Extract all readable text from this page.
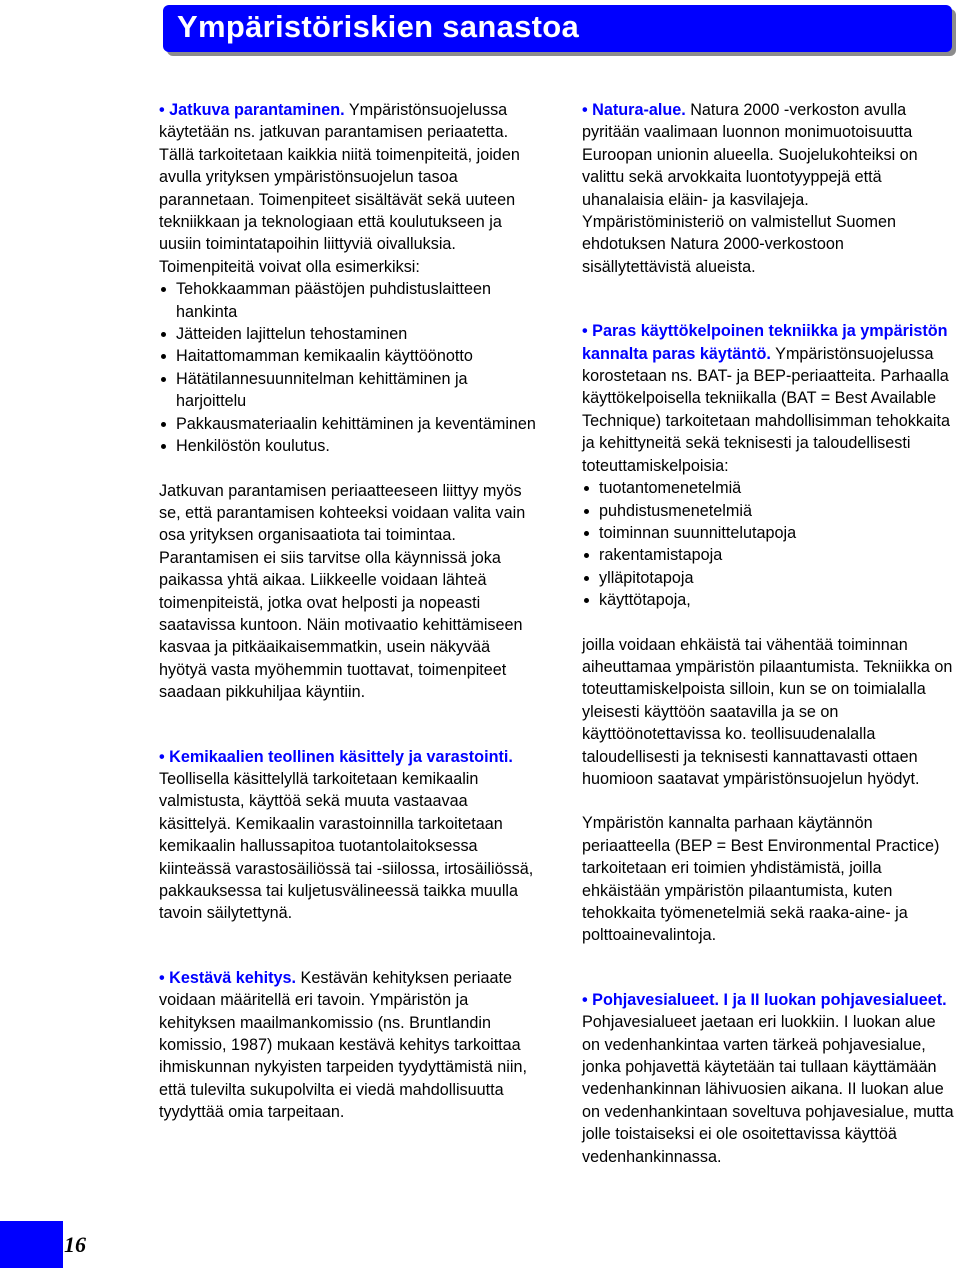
Ympäristöriskien sanastoa

• Jatkuva parantaminen. Ympäristönsuojelussa käytetään ns. jatkuvan parantamisen periaatetta. Tällä tarkoitetaan kaikkia niitä toimenpiteitä, joiden avulla yrityksen ympäristönsuojelun tasoa parannetaan. Toimenpiteet sisältävät sekä uuteen tekniikkaan ja teknologiaan että koulutukseen ja uusiin toimintatapoihin liittyviä oivalluksia. Toimenpiteitä voivat olla esimerkiksi:

Tehokkaamman päästöjen puhdistuslaitteen hankinta
Jätteiden lajittelun tehostaminen
Haitattomamman kemikaalin käyttöönotto
Hätätilannesuunnitelman kehittäminen ja harjoittelu
Pakkausmateriaalin kehittäminen ja keventäminen
Henkilöstön koulutus.

Jatkuvan parantamisen periaatteeseen liittyy myös se, että parantamisen kohteeksi voidaan valita vain osa yrityksen organisaatiota tai toimintaa. Parantamisen ei siis tarvitse olla käynnissä joka paikassa yhtä aikaa. Liikkeelle voidaan lähteä toimenpiteistä, jotka ovat helposti ja nopeasti saatavissa kuntoon. Näin motivaatio kehittämiseen kasvaa ja pitkäaikaisemmatkin, usein näkyvää hyötyä vasta myöhemmin tuottavat, toimenpiteet saadaan pikkuhiljaa käyntiin.

• Kemikaalien teollinen käsittely ja varastointi. Teollisella käsittelyllä tarkoitetaan kemikaalin valmistusta, käyttöä sekä muuta vastaavaa käsittelyä. Kemikaalin varastoinnilla tarkoitetaan kemikaalin hallussapitoa tuotantolaitoksessa kiinteässä varastosäiliössä tai -siilossa, irtosäiliössä, pakkauksessa tai kuljetusvälineessä taikka muulla tavoin säilytettynä.

• Kestävä kehitys. Kestävän kehityksen periaate voidaan määritellä eri tavoin. Ympäristön ja kehityksen maailmankomissio (ns. Bruntlandin komissio, 1987) mukaan kestävä kehitys tarkoittaa ihmiskunnan nykyisten tarpeiden tyydyttämistä niin, että tulevilta sukupolvilta ei viedä mahdollisuutta tyydyttää omia tarpeitaan.

• Natura-alue. Natura 2000 -verkoston avulla pyritään vaalimaan luonnon monimuotoisuutta Euroopan unionin alueella. Suojelukohteiksi on valittu sekä arvokkaita luontotyyppejä että uhanalaisia eläin- ja kasvilajeja. Ympäristöministeriö on valmistellut Suomen ehdotuksen Natura 2000-verkostoon sisällytettävistä alueista.

• Paras käyttökelpoinen tekniikka ja ympäristön kannalta paras käytäntö. Ympäristönsuojelussa korostetaan ns. BAT- ja BEP-periaatteita. Parhaalla käyttökelpoisella tekniikalla (BAT = Best Available Technique) tarkoitetaan mahdollisimman tehokkaita ja kehittyneitä sekä teknisesti ja taloudellisesti toteuttamiskelpoisia:

tuotantomenetelmiä
puhdistusmenetelmiä
toiminnan suunnittelutapoja
rakentamistapoja
ylläpitotapoja
käyttötapoja,

joilla voidaan ehkäistä tai vähentää toiminnan aiheuttamaa ympäristön pilaantumista. Tekniikka on toteuttamiskelpoista silloin, kun se on toimialalla yleisesti käyttöön saatavilla ja se on käyttöönotettavissa ko. teollisuudenalalla taloudellisesti ja teknisesti kannattavasti ottaen huomioon saatavat ympäristönsuojelun hyödyt.

Ympäristön kannalta parhaan käytännön periaatteella (BEP = Best Environmental Practice) tarkoitetaan eri toimien yhdistämistä, joilla ehkäistään ympäristön pilaantumista, kuten tehokkaita työmenetelmiä sekä raaka-aine- ja polttoainevalintoja.

• Pohjavesialueet. I ja II luokan pohjavesialueet. Pohjavesialueet jaetaan eri luokkiin. I luokan alue on vedenhankintaa varten tärkeä pohjavesialue, jonka pohjavettä käytetään tai tullaan käyttämään vedenhankinnan lähivuosien aikana. II luokan alue on vedenhankintaan soveltuva pohjavesialue, mutta jolle toistaiseksi ei ole osoitettavissa käyttöä vedenhankinnassa.

16
